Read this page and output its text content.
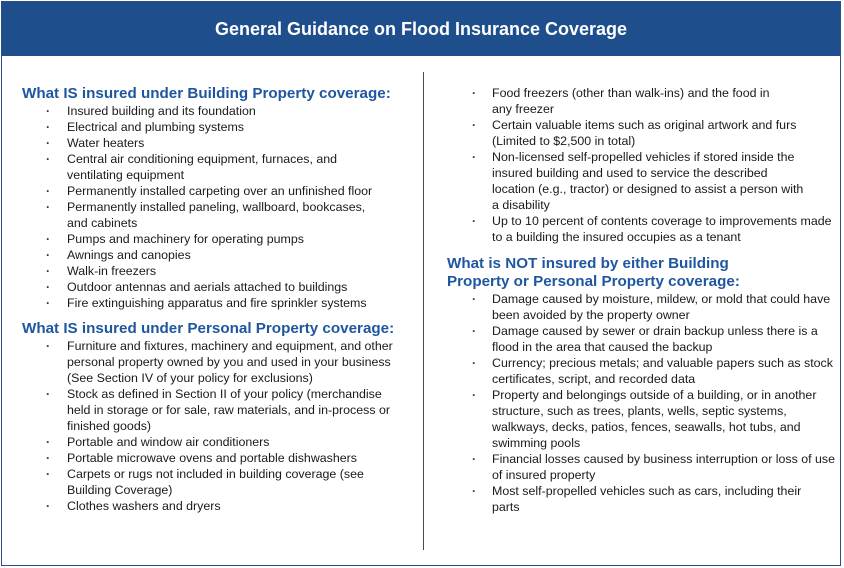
General Guidance on Flood Insurance Coverage
What IS insured under Building Property coverage:
· Insured building and its foundation
· Electrical and plumbing systems
· Water heaters
· Central air conditioning equipment, furnaces, and ventilating equipment
· Permanently installed carpeting over an unfinished floor
· Permanently installed paneling, wallboard, bookcases, and cabinets
· Pumps and machinery for operating pumps
· Awnings and canopies
· Walk-in freezers
· Outdoor antennas and aerials attached to buildings
· Fire extinguishing apparatus and fire sprinkler systems
What IS insured under Personal Property coverage:
· Furniture and fixtures, machinery and equipment, and other personal property owned by you and used in your business (See Section IV of your policy for exclusions)
· Stock as defined in Section II of your policy (merchandise held in storage or for sale, raw materials, and in-process or finished goods)
· Portable and window air conditioners
· Portable microwave ovens and portable dishwashers
· Carpets or rugs not included in building coverage (see Building Coverage)
· Clothes washers and dryers
· Food freezers (other than walk-ins) and the food in any freezer
· Certain valuable items such as original artwork and furs (Limited to $2,500 in total)
· Non-licensed self-propelled vehicles if stored inside the insured building and used to service the described location (e.g., tractor) or designed to assist a person with a disability
· Up to 10 percent of contents coverage to improvements made to a building the insured occupies as a tenant
What is NOT insured by either Building Property or Personal Property coverage:
· Damage caused by moisture, mildew, or mold that could have been avoided by the property owner
· Damage caused by sewer or drain backup unless there is a flood in the area that caused the backup
· Currency; precious metals; and valuable papers such as stock certificates, script, and recorded data
· Property and belongings outside of a building, or in another structure, such as trees, plants, wells, septic systems, walkways, decks, patios, fences, seawalls, hot tubs, and swimming pools
· Financial losses caused by business interruption or loss of use of insured property
· Most self-propelled vehicles such as cars, including their parts
